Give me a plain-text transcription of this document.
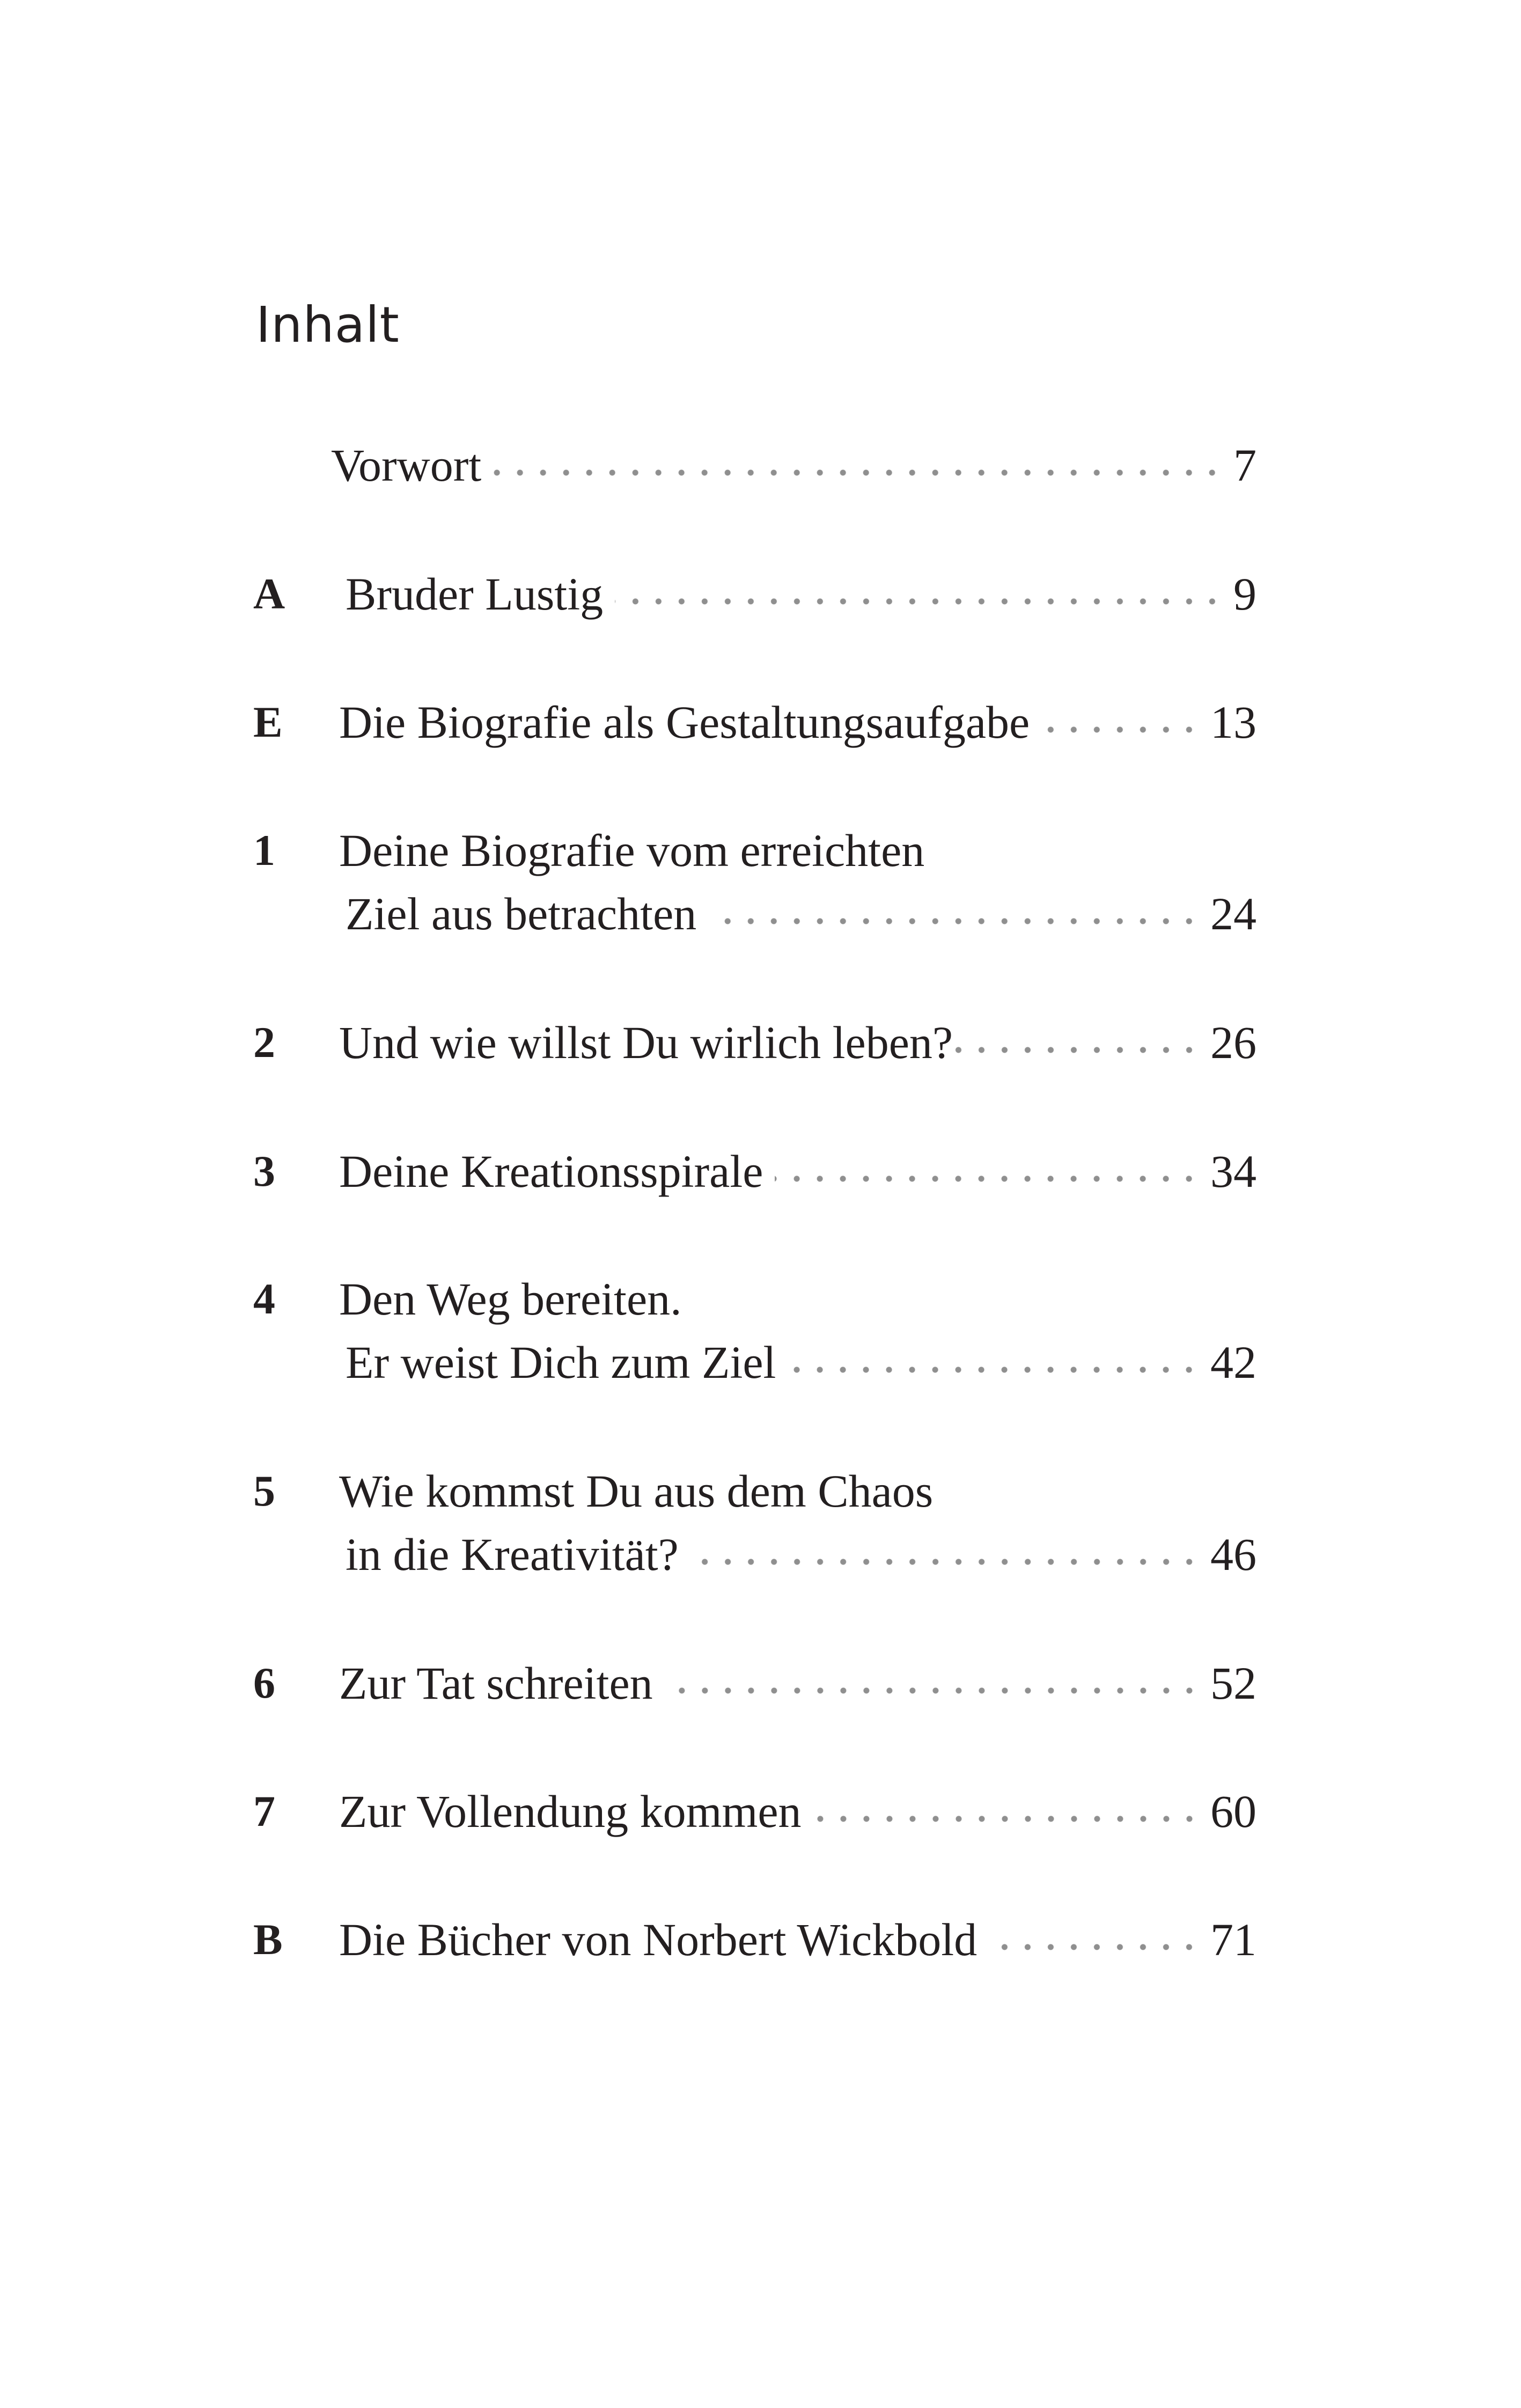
Inhalt
Vorwort	7
A Bruder Lustig	9
E Die Biografie als Gestaltungsaufgabe	13
1 Deine Biografie vom erreichten
Ziel aus betrachten	24
2 Und wie willst Du wirlich leben?	26
3 Deine Kreationsspirale	34
4 Den Weg bereiten.
Er weist Dich zum Ziel	42
5 Wie kommst Du aus dem Chaos
in die Kreativität?	46
6 Zur Tat schreiten	52
7 Zur Vollendung kommen	60
B Die Bücher von Norbert Wickbold	71
